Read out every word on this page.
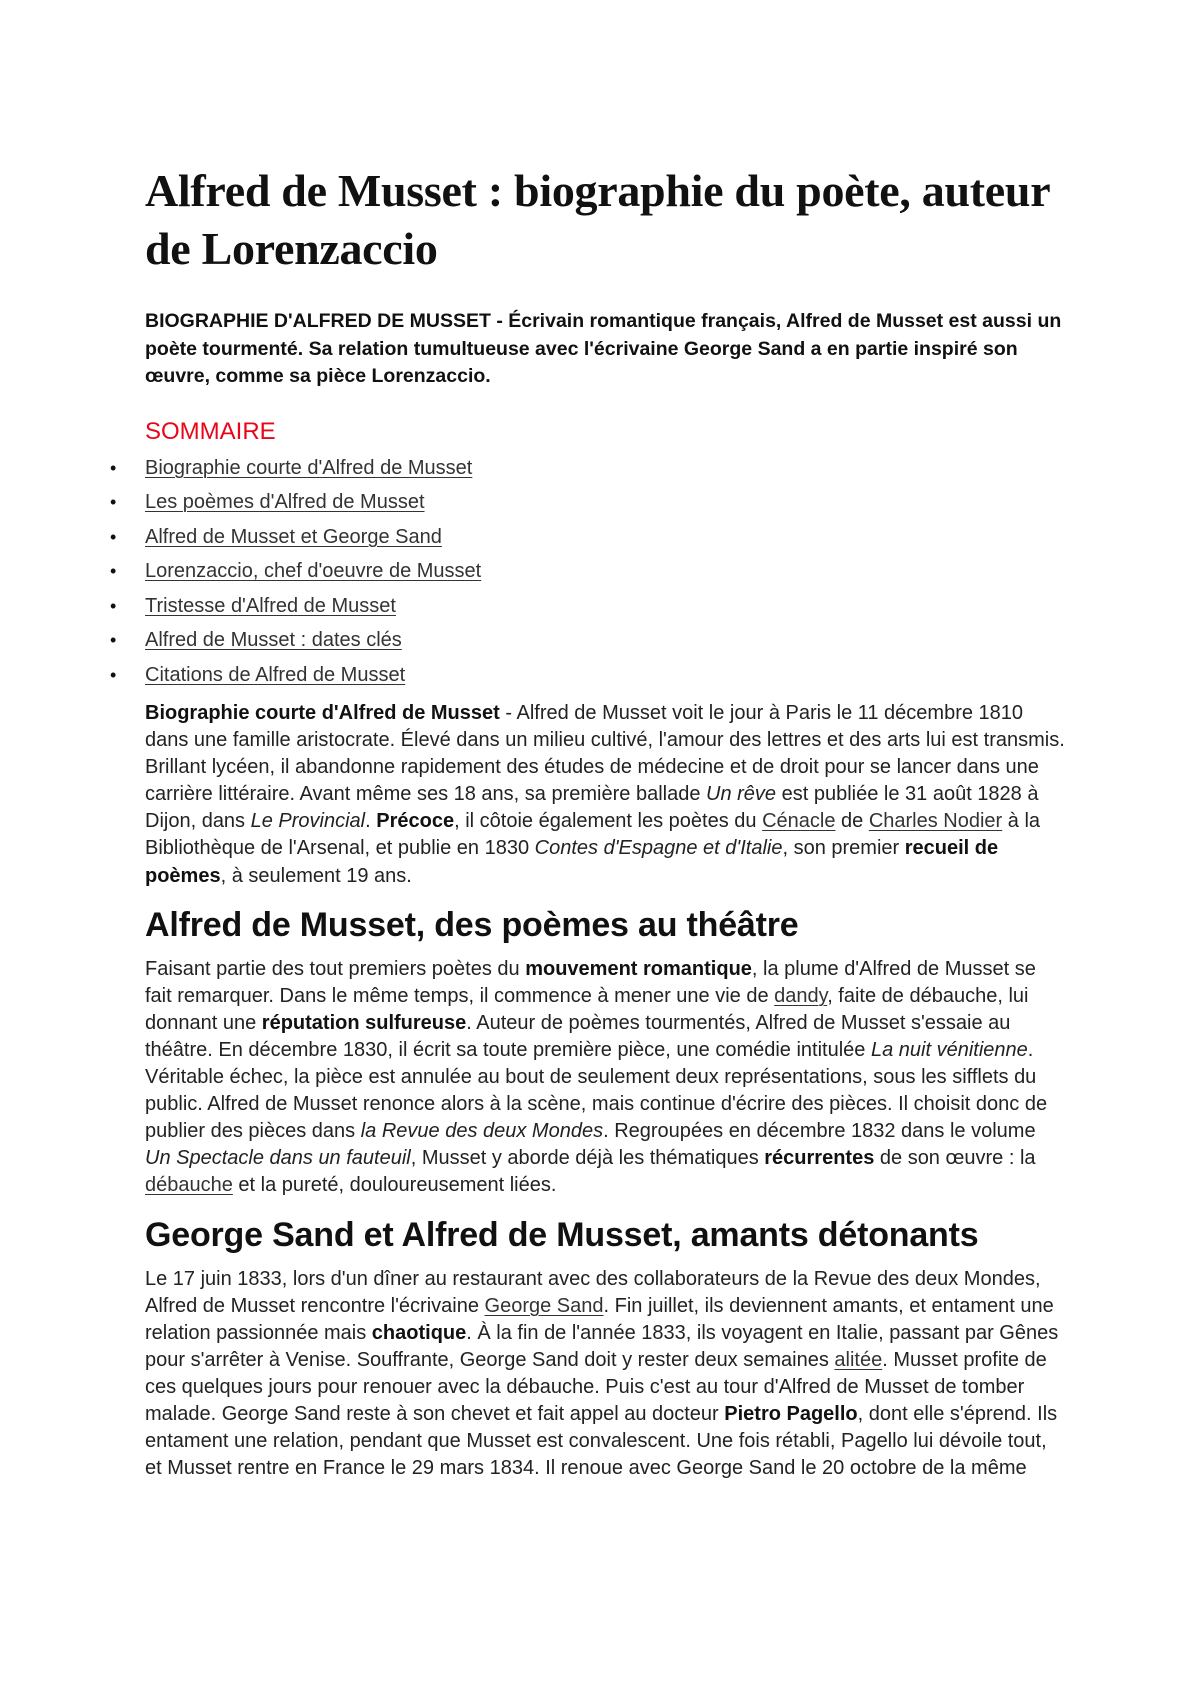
Alfred de Musset : biographie du poète, auteur de Lorenzaccio
BIOGRAPHIE D'ALFRED DE MUSSET - Écrivain romantique français, Alfred de Musset est aussi un poète tourmenté. Sa relation tumultueuse avec l'écrivaine George Sand a en partie inspiré son œuvre, comme sa pièce Lorenzaccio.
SOMMAIRE
• Biographie courte d'Alfred de Musset
• Les poèmes d'Alfred de Musset
• Alfred de Musset et George Sand
• Lorenzaccio, chef d'oeuvre de Musset
• Tristesse d'Alfred de Musset
• Alfred de Musset : dates clés
• Citations de Alfred de Musset

Biographie courte d'Alfred de Musset - Alfred de Musset voit le jour à Paris le 11 décembre 1810 dans une famille aristocrate. Élevé dans un milieu cultivé, l'amour des lettres et des arts lui est transmis. Brillant lycéen, il abandonne rapidement des études de médecine et de droit pour se lancer dans une carrière littéraire. Avant même ses 18 ans, sa première ballade Un rêve est publiée le 31 août 1828 à Dijon, dans Le Provincial. Précoce, il côtoie également les poètes du Cénacle de Charles Nodier à la Bibliothèque de l'Arsenal, et publie en 1830 Contes d'Espagne et d'Italie, son premier recueil de poèmes, à seulement 19 ans.

Alfred de Musset, des poèmes au théâtre

Faisant partie des tout premiers poètes du mouvement romantique, la plume d'Alfred de Musset se fait remarquer. Dans le même temps, il commence à mener une vie de dandy, faite de débauche, lui donnant une réputation sulfureuse. Auteur de poèmes tourmentés, Alfred de Musset s'essaie au théâtre. En décembre 1830, il écrit sa toute première pièce, une comédie intitulée La nuit vénitienne. Véritable échec, la pièce est annulée au bout de seulement deux représentations, sous les sifflets du public. Alfred de Musset renonce alors à la scène, mais continue d'écrire des pièces. Il choisit donc de publier des pièces dans la Revue des deux Mondes. Regroupées en décembre 1832 dans le volume Un Spectacle dans un fauteuil, Musset y aborde déjà les thématiques récurrentes de son œuvre : la débauche et la pureté, douloureusement liées.

George Sand et Alfred de Musset, amants détonants

Le 17 juin 1833, lors d'un dîner au restaurant avec des collaborateurs de la Revue des deux Mondes, Alfred de Musset rencontre l'écrivaine George Sand. Fin juillet, ils deviennent amants, et entament une relation passionnée mais chaotique. À la fin de l'année 1833, ils voyagent en Italie, passant par Gênes pour s'arrêter à Venise. Souffrante, George Sand doit y rester deux semaines alitée. Musset profite de ces quelques jours pour renouer avec la débauche. Puis c'est au tour d'Alfred de Musset de tomber malade. George Sand reste à son chevet et fait appel au docteur Pietro Pagello, dont elle s'éprend. Ils entament une relation, pendant que Musset est convalescent. Une fois rétabli, Pagello lui dévoile tout, et Musset rentre en France le 29 mars 1834. Il renoue avec George Sand le 20 octobre de la même
